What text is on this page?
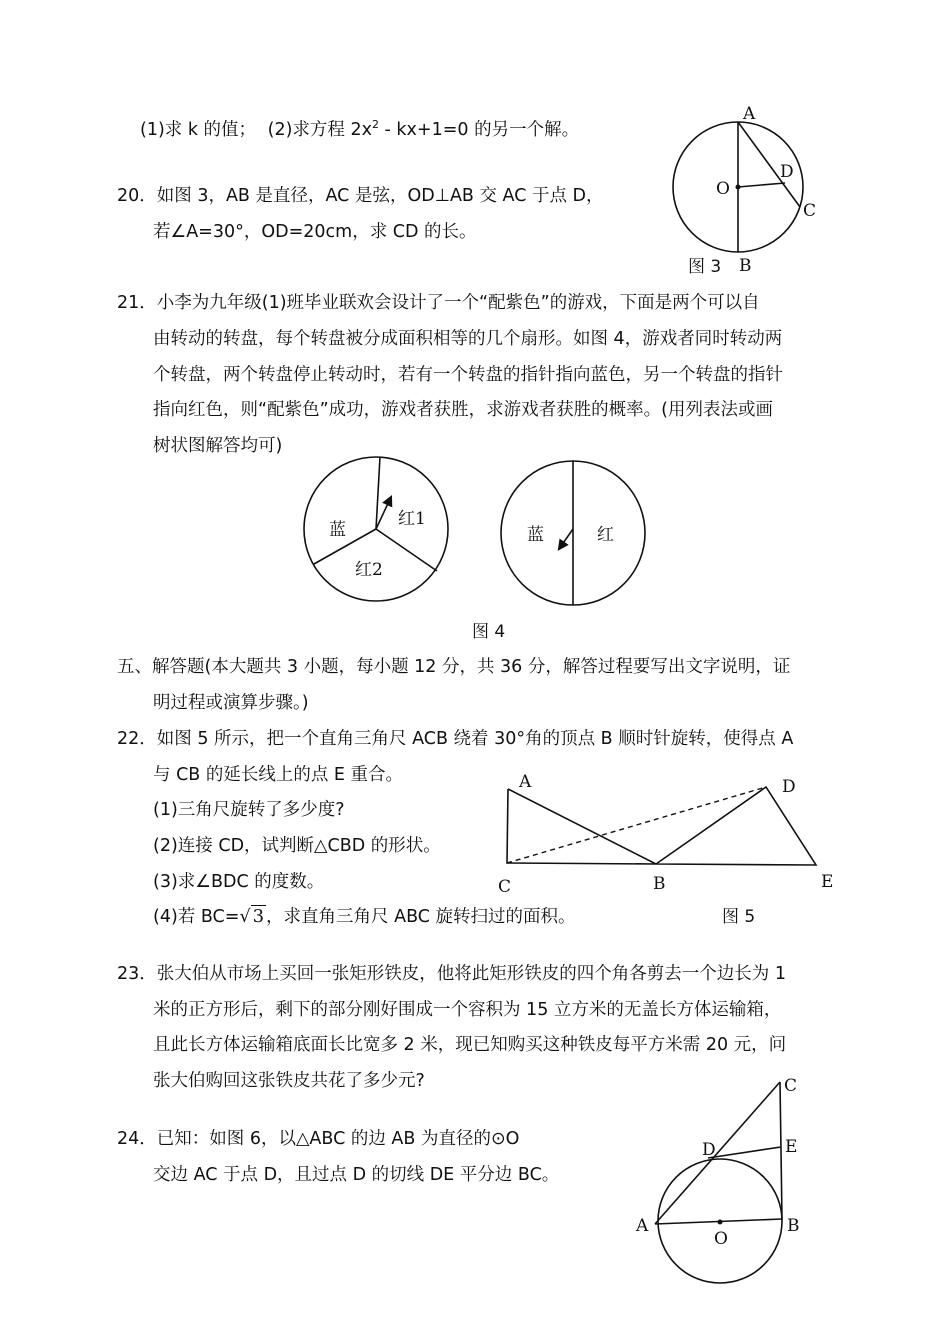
(1)求 k 的值； (2)求方程 $2x^2 - kx+1=0$ 的另一个解。
20．如图 3，AB 是直径，AC 是弦，OD⊥AB 交 AC 于点 D，
若∠A=30°，OD=20cm，求 CD 的长。
A
B
C
D
O
图 3
21．小李为九年级(1)班毕业联欢会设计了一个“配紫色”的游戏，下面是两个可以自
由转动的转盘，每个转盘被分成面积相等的几个扇形。如图 4，游戏者同时转动两
个转盘，两个转盘停止转动时，若有一个转盘的指针指向蓝色，另一个转盘的指针
指向红色，则“配紫色”成功，游戏者获胜，求游戏者获胜的概率。(用列表法或画
树状图解答均可)
蓝
红1
红2
蓝	红
图 4
五、解答题(本大题共 3 小题，每小题 12 分，共 36 分，解答过程要写出文字说明，证
明过程或演算步骤。)
22．如图 5 所示，把一个直角三角尺 ACB 绕着 30°角的顶点 B 顺时针旋转，使得点 A
与 CB 的延长线上的点 E 重合。
(1)三角尺旋转了多少度?
(2)连接 CD，试判断△CBD 的形状。
(3)求∠BDC 的度数。
(4)若 BC=√ 3 ，求直角三角尺 ABC 旋转扫过的面积。
A
B
C
D
E
图 5
23．张大伯从市场上买回一张矩形铁皮，他将此矩形铁皮的四个角各剪去一个边长为 1
米的正方形后，剩下的部分刚好围成一个容积为 15 立方米的无盖长方体运输箱，
且此长方体运输箱底面长比宽多 2 米，现已知购买这种铁皮每平方米需 20 元，问
张大伯购回这张铁皮共花了多少元?
24．已知：如图 6，以△ABC 的边 AB 为直径的⊙O
交边 AC 于点 D，且过点 D 的切线 DE 平分边 BC。
A	B
C
D	E
O
